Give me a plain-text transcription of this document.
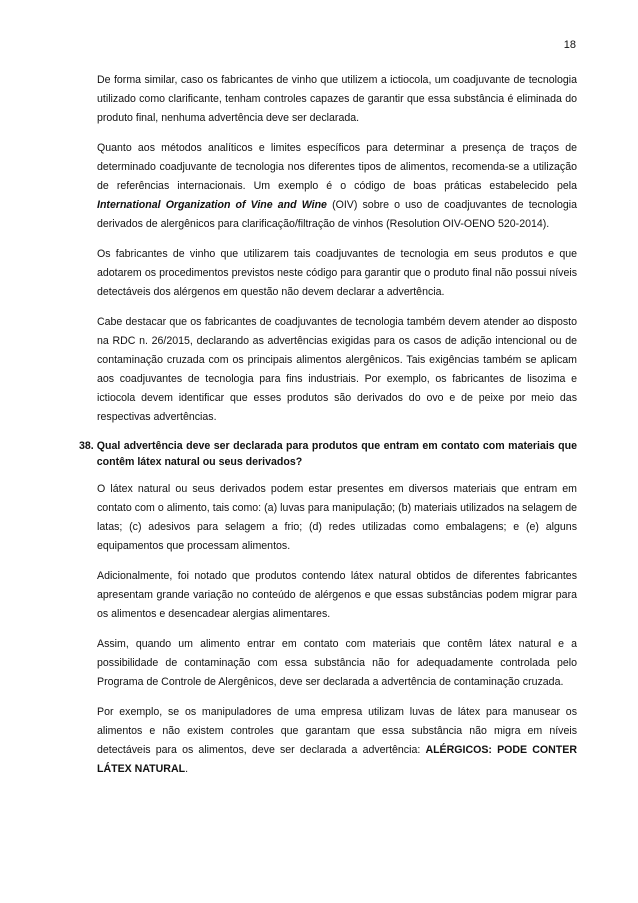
18

De forma similar, caso os fabricantes de vinho que utilizem a ictiocola, um coadjuvante de tecnologia utilizado como clarificante, tenham controles capazes de garantir que essa substância é eliminada do produto final, nenhuma advertência deve ser declarada.

Quanto aos métodos analíticos e limites específicos para determinar a presença de traços de determinado coadjuvante de tecnologia nos diferentes tipos de alimentos, recomenda-se a utilização de referências internacionais. Um exemplo é o código de boas práticas estabelecido pela International Organization of Vine and Wine (OIV) sobre o uso de coadjuvantes de tecnologia derivados de alergênicos para clarificação/filtração de vinhos (Resolution OIV-OENO 520-2014).

Os fabricantes de vinho que utilizarem tais coadjuvantes de tecnologia em seus produtos e que adotarem os procedimentos previstos neste código para garantir que o produto final não possui níveis detectáveis dos alérgenos em questão não devem declarar a advertência.

Cabe destacar que os fabricantes de coadjuvantes de tecnologia também devem atender ao disposto na RDC n. 26/2015, declarando as advertências exigidas para os casos de adição intencional ou de contaminação cruzada com os principais alimentos alergênicos. Tais exigências também se aplicam aos coadjuvantes de tecnologia para fins industriais. Por exemplo, os fabricantes de lisozima e ictiocola devem identificar que esses produtos são derivados do ovo e de peixe por meio das respectivas advertências.

38. Qual advertência deve ser declarada para produtos que entram em contato com materiais que contêm látex natural ou seus derivados?

O látex natural ou seus derivados podem estar presentes em diversos materiais que entram em contato com o alimento, tais como: (a) luvas para manipulação; (b) materiais utilizados na selagem de latas; (c) adesivos para selagem a frio; (d) redes utilizadas como embalagens; e (e) alguns equipamentos que processam alimentos.

Adicionalmente, foi notado que produtos contendo látex natural obtidos de diferentes fabricantes apresentam grande variação no conteúdo de alérgenos e que essas substâncias podem migrar para os alimentos e desencadear alergias alimentares.

Assim, quando um alimento entrar em contato com materiais que contêm látex natural e a possibilidade de contaminação com essa substância não for adequadamente controlada pelo Programa de Controle de Alergênicos, deve ser declarada a advertência de contaminação cruzada.

Por exemplo, se os manipuladores de uma empresa utilizam luvas de látex para manusear os alimentos e não existem controles que garantam que essa substância não migra em níveis detectáveis para os alimentos, deve ser declarada a advertência: ALÉRGICOS: PODE CONTER LÁTEX NATURAL.
